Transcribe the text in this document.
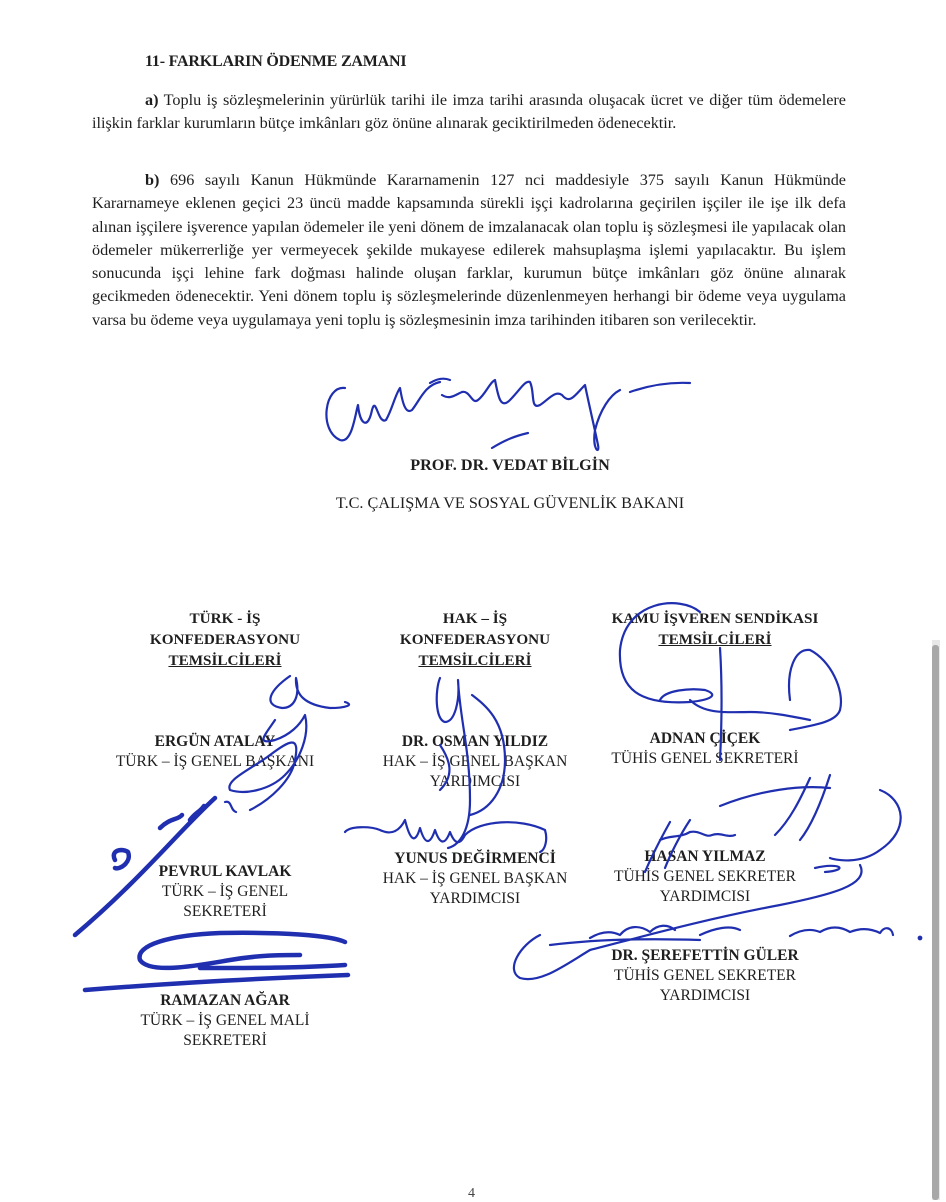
11- FARKLARIN ÖDENME ZAMANI

a) Toplu iş sözleşmelerinin yürürlük tarihi ile imza tarihi arasında oluşacak ücret ve diğer tüm ödemelere ilişkin farklar kurumların bütçe imkânları göz önüne alınarak geciktirilmeden ödenecektir.

b) 696 sayılı Kanun Hükmünde Kararnamenin 127 nci maddesiyle 375 sayılı Kanun Hükmünde Kararnameye eklenen geçici 23 üncü madde kapsamında sürekli işçi kadrolarına geçirilen işçiler ile işe ilk defa alınan işçilere işverence yapılan ödemeler ile yeni dönem de imzalanacak olan toplu iş sözleşmesi ile yapılacak olan ödemeler mükerrerliğe yer vermeyecek şekilde mukayese edilerek mahsuplaşma işlemi yapılacaktır. Bu işlem sonucunda işçi lehine fark doğması halinde oluşan farklar, kurumun bütçe imkânları göz önüne alınarak gecikmeden ödenecektir. Yeni dönem toplu iş sözleşmelerinde düzenlenmeyen herhangi bir ödeme veya uygulama varsa bu ödeme veya uygulamaya yeni toplu iş sözleşmesinin imza tarihinden itibaren son verilecektir.

PROF. DR. VEDAT BİLGİN
T.C. ÇALIŞMA VE SOSYAL GÜVENLİK BAKANI
TÜRK - İŞ
KONFEDERASYONU
TEMSİLCİLERİ
HAK – İŞ
KONFEDERASYONU
TEMSİLCİLERİ
KAMU İŞVEREN SENDİKASI
TEMSİLCİLERİ
ERGÜN ATALAY
TÜRK – İŞ GENEL BAŞKANI
PEVRUL KAVLAK
TÜRK – İŞ GENEL
SEKRETERİ
RAMAZAN AĞAR
TÜRK – İŞ GENEL MALİ
SEKRETERİ
DR. OSMAN YILDIZ
HAK – İŞ GENEL BAŞKAN
YARDIMCISI
YUNUS DEĞİRMENCİ
HAK – İŞ GENEL BAŞKAN
YARDIMCISI
ADNAN ÇİÇEK
TÜHİS GENEL SEKRETERİ
HASAN YILMAZ
TÜHİS GENEL SEKRETER
YARDIMCISI
DR. ŞEREFETTİN GÜLER
TÜHİS GENEL SEKRETER
YARDIMCISI
4
